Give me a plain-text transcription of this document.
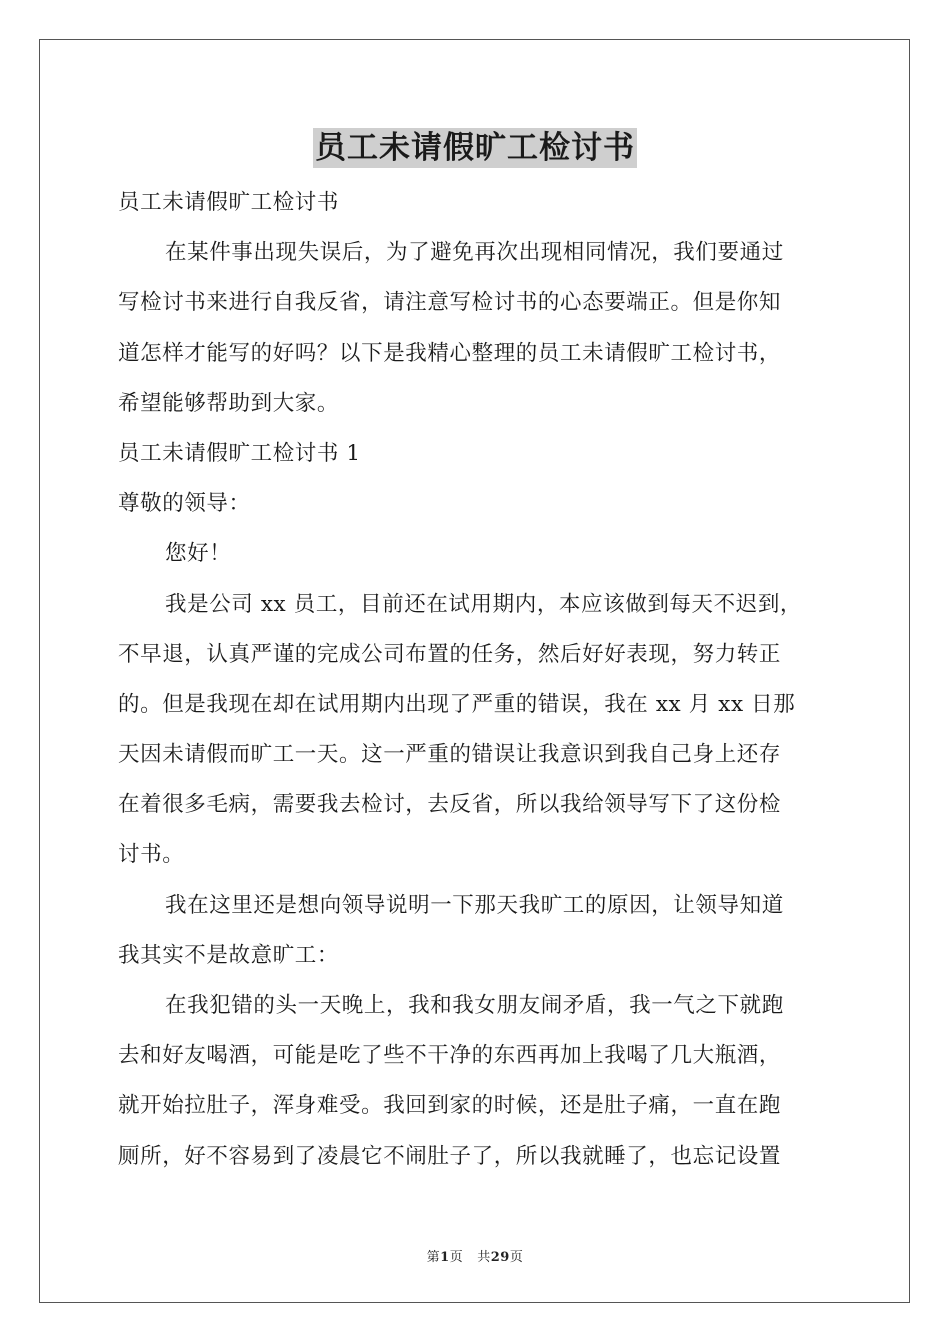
员工未请假旷工检讨书
员工未请假旷工检讨书
在某件事出现失误后，为了避免再次出现相同情况，我们要通过
写检讨书来进行自我反省，请注意写检讨书的心态要端正。但是你知
道怎样才能写的好吗？以下是我精心整理的员工未请假旷工检讨书，
希望能够帮助到大家。
员工未请假旷工检讨书 1
尊敬的领导：
您好！
我是公司 xx 员工，目前还在试用期内，本应该做到每天不迟到，
不早退，认真严谨的完成公司布置的任务，然后好好表现，努力转正
的。但是我现在却在试用期内出现了严重的错误，我在 xx 月 xx 日那
天因未请假而旷工一天。这一严重的错误让我意识到我自己身上还存
在着很多毛病，需要我去检讨，去反省，所以我给领导写下了这份检
讨书。
我在这里还是想向领导说明一下那天我旷工的原因，让领导知道
我其实不是故意旷工：
在我犯错的头一天晚上，我和我女朋友闹矛盾，我一气之下就跑
去和好友喝酒，可能是吃了些不干净的东西再加上我喝了几大瓶酒，
就开始拉肚子，浑身难受。我回到家的时候，还是肚子痛，一直在跑
厕所，好不容易到了凌晨它不闹肚子了，所以我就睡了，也忘记设置
第1页 共29页
